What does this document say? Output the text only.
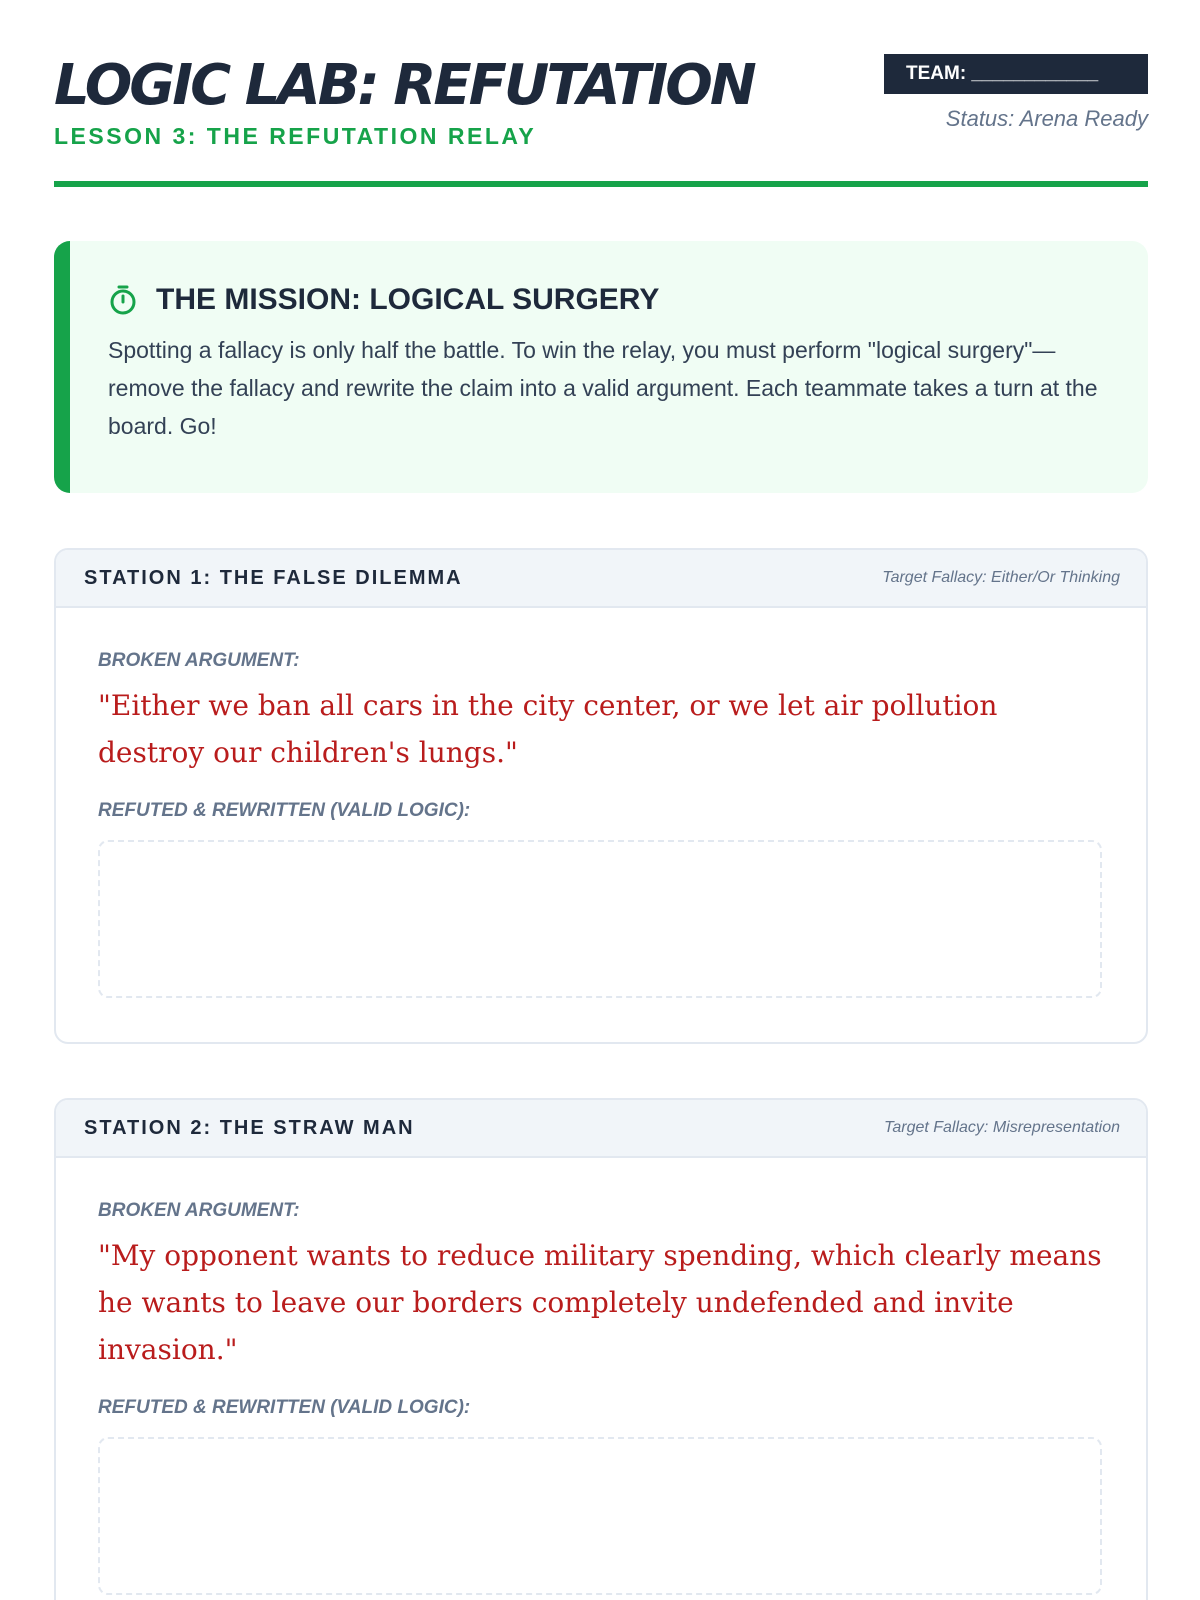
LOGIC LAB: REFUTATION
LESSON 3: THE REFUTATION RELAY
TEAM: ____________
Status: Arena Ready
THE MISSION: LOGICAL SURGERY

Spotting a fallacy is only half the battle. To win the relay, you must perform "logical surgery"—remove the fallacy and rewrite the claim into a valid argument. Each teammate takes a turn at the board. Go!

STATION 1: THE FALSE DILEMMA	Target Fallacy: Either/Or Thinking
BROKEN ARGUMENT:

"Either we ban all cars in the city center, or we let air pollution destroy our children's lungs."

REFUTED & REWRITTEN (VALID LOGIC):
STATION 2: THE STRAW MAN	Target Fallacy: Misrepresentation
BROKEN ARGUMENT:

"My opponent wants to reduce military spending, which clearly means he wants to leave our borders completely undefended and invite invasion."

REFUTED & REWRITTEN (VALID LOGIC):
